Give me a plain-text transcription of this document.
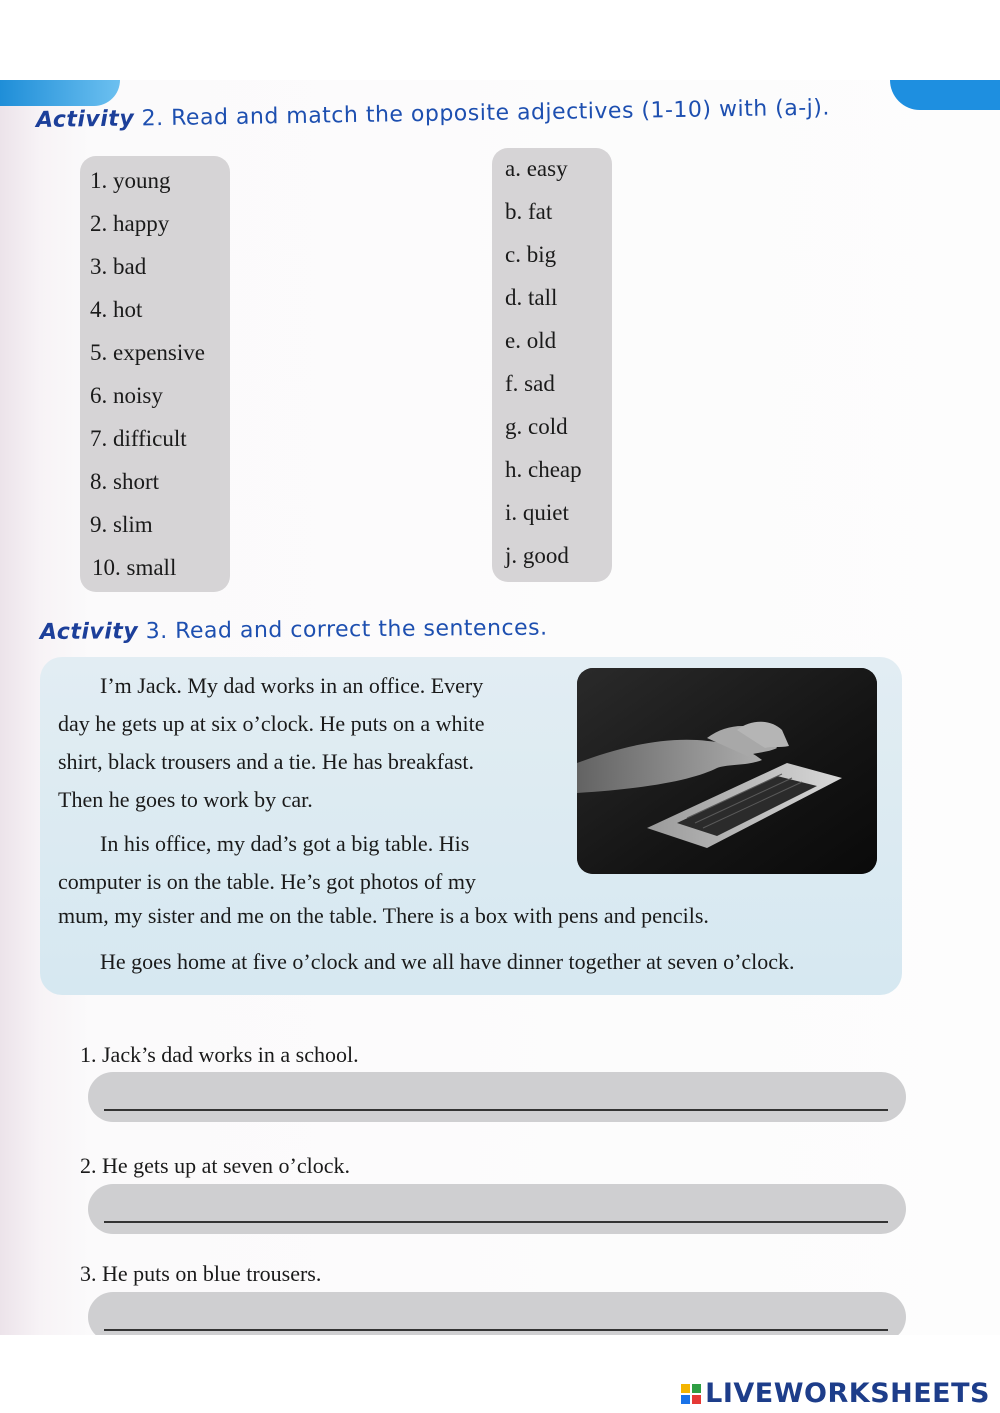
Activity 2. Read and match the opposite adjectives (1-10) with (a-j).
1. young
2. happy
3. bad
4. hot
5. expensive
6. noisy
7. difficult
8. short
9. slim
10. small
a. easy
b. fat
c. big
d. tall
e. old
f. sad
g. cold
h. cheap
i. quiet
j. good
Activity 3. Read and correct the sentences.
I’m Jack. My dad works in an office. Every
day he gets up at six o’clock. He puts on a white
shirt, black trousers and a tie. He has breakfast.
Then he goes to work by car.
In his office, my dad’s got a big table. His
computer is on the table. He’s got photos of my
mum, my sister and me on the table. There is a box with pens and pencils.
He goes home at five o’clock and we all have dinner together at seven o’clock.
1. Jack’s dad works in a school.
2. He gets up at seven o’clock.
3. He puts on blue trousers.
LIVEWORKSHEETS
